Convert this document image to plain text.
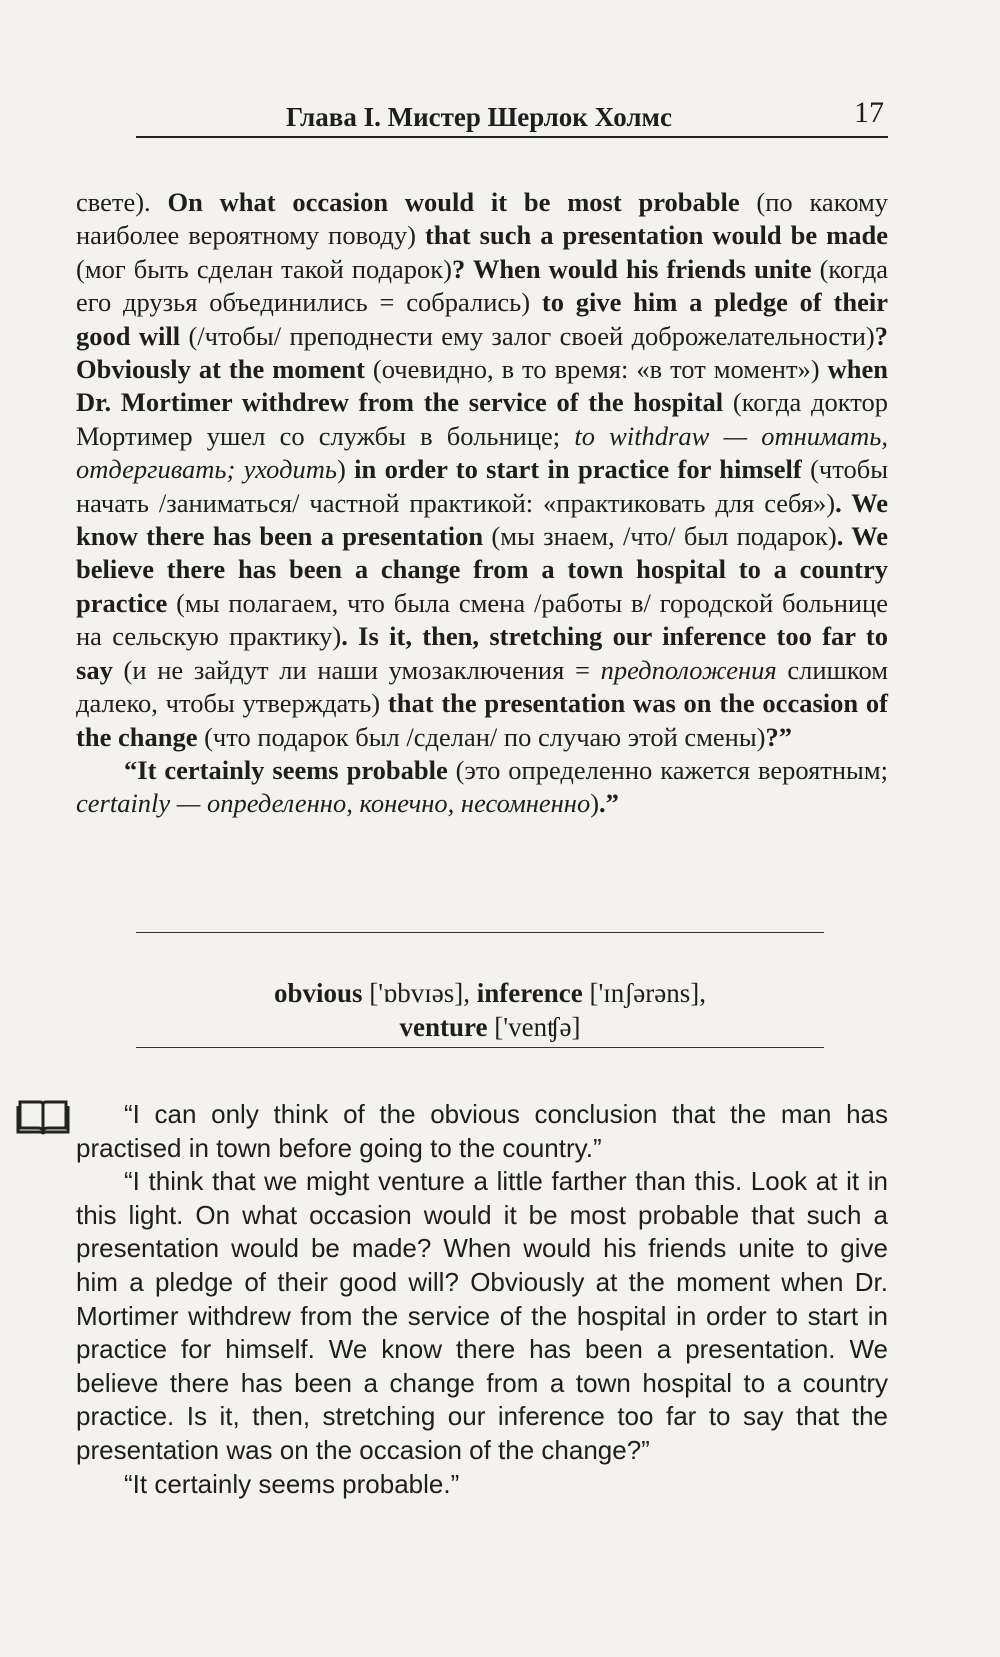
Глава I. Мистер Шерлок Холмс	17

свете). On what occasion would it be most probable (по какому наиболее вероятному поводу) that such a presentation would be made (мог быть сделан такой подарок)? When would his friends unite (когда его друзья объединились = собрались) to give him a pledge of their good will (/чтобы/ преподнести ему залог своей доброжелательности)? Obviously at the moment (очевидно, в то время: «в тот момент») when Dr. Mortimer withdrew from the service of the hospital (когда доктор Мортимер ушел со службы в больнице; to withdraw — отнимать, отдергивать; уходить) in order to start in practice for himself (чтобы начать /заниматься/ частной практикой: «практиковать для себя»). We know there has been a presentation (мы знаем, /что/ был подарок). We believe there has been a change from a town hospital to a country practice (мы полагаем, что была смена /работы в/ городской больнице на сельскую практику). Is it, then, stretching our inference too far to say (и не зайдут ли наши умозаключения = предположения слишком далеко, чтобы утверждать) that the presentation was on the occasion of the change (что подарок был /сделан/ по случаю этой смены)?”

“It certainly seems probable (это определенно кажется вероятным; certainly — определенно, конечно, несомненно).”

obvious ['ɒbvɪəs], inference ['ɪnʃərəns],
venture ['venʧə]

“I can only think of the obvious conclusion that the man has practised in town before going to the country.”

“I think that we might venture a little farther than this. Look at it in this light. On what occasion would it be most probable that such a presentation would be made? When would his friends unite to give him a pledge of their good will? Obviously at the moment when Dr. Mortimer withdrew from the service of the hospital in order to start in practice for himself. We know there has been a presentation. We believe there has been a change from a town hospital to a country practice. Is it, then, stretching our inference too far to say that the presentation was on the occasion of the change?”

“It certainly seems probable.”
